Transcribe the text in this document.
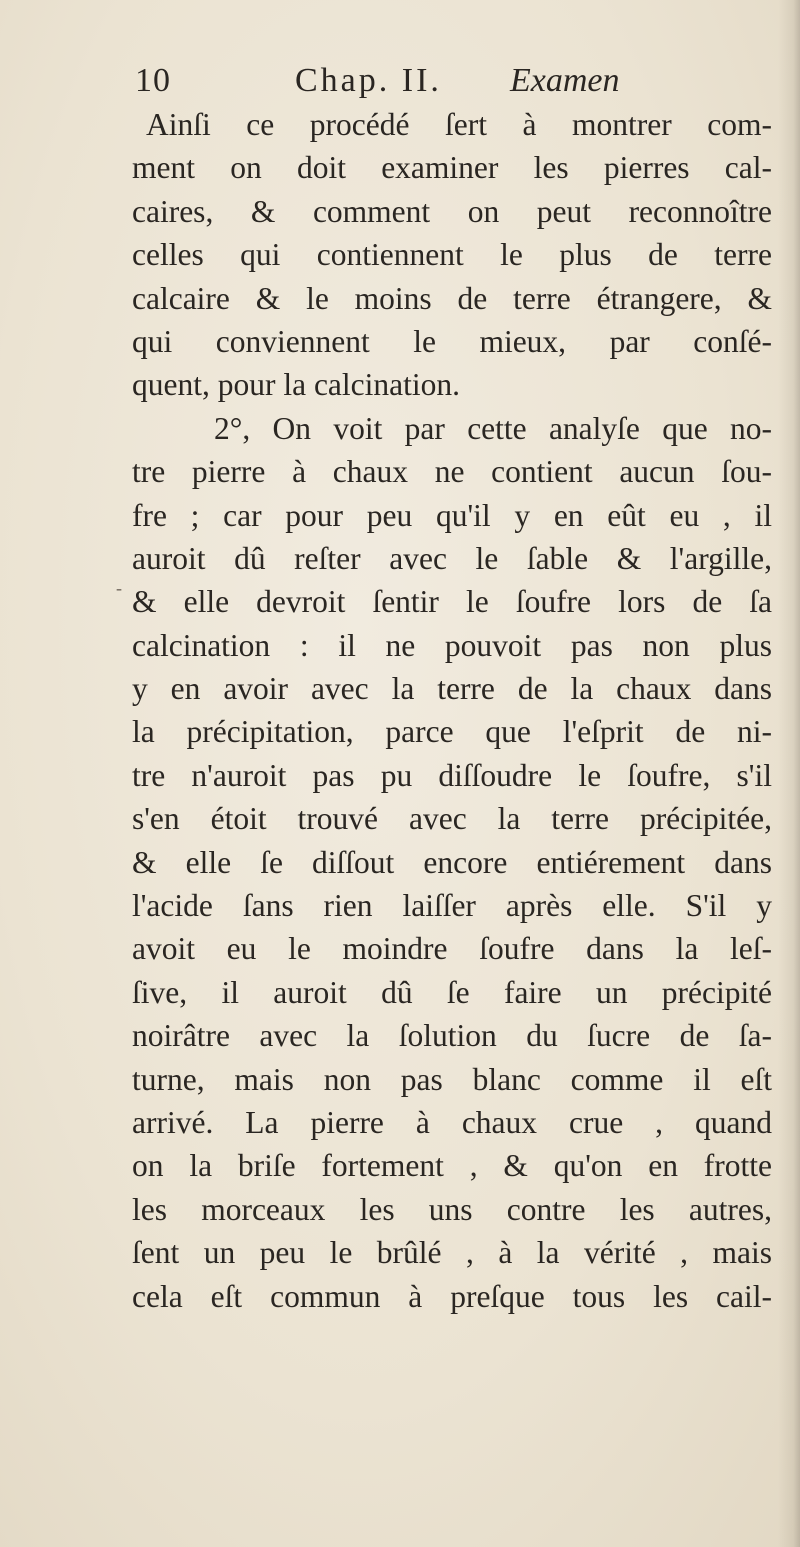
10	Chap. II. Examen
-
Ainſi ce procédé ſert à montrer com-
ment on doit examiner les pierres cal-
caires, & comment on peut reconnoître
celles qui contiennent le plus de terre
calcaire & le moins de terre étrangere, &
qui conviennent le mieux, par conſé-
quent, pour la calcination.
2°, On voit par cette analyſe que no-
tre pierre à chaux ne contient aucun ſou-
fre ; car pour peu qu'il y en eût eu , il
auroit dû reſter avec le ſable & l'argille,
& elle devroit ſentir le ſoufre lors de ſa
calcination : il ne pouvoit pas non plus
y en avoir avec la terre de la chaux dans
la précipitation, parce que l'eſprit de ni-
tre n'auroit pas pu diſſoudre le ſoufre, s'il
s'en étoit trouvé avec la terre précipitée,
& elle ſe diſſout encore entiérement dans
l'acide ſans rien laiſſer après elle. S'il y
avoit eu le moindre ſoufre dans la leſ-
ſive, il auroit dû ſe faire un précipité
noirâtre avec la ſolution du ſucre de ſa-
turne, mais non pas blanc comme il eſt
arrivé. La pierre à chaux crue , quand
on la briſe fortement , & qu'on en frotte
les morceaux les uns contre les autres,
ſent un peu le brûlé , à la vérité , mais
cela eſt commun à preſque tous les cail-
